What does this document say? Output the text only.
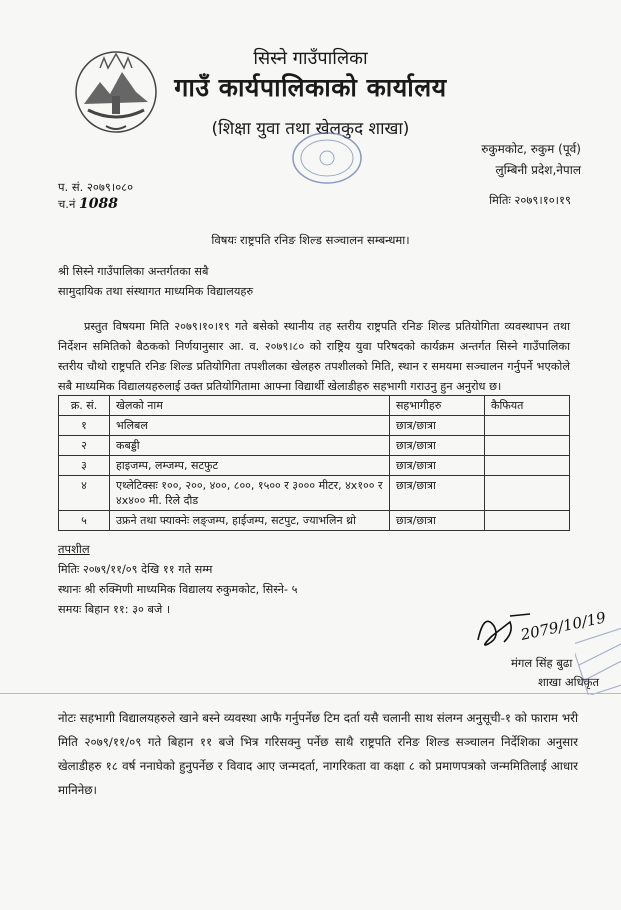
सिस्ने गाउँपालिका
गाउँ कार्यपालिकाको कार्यालय
(शिक्षा युवा तथा खेलकुद शाखा)
रुकुमकोट, रुकुम (पूर्व)
लुम्बिनी प्रदेश,नेपाल
प. सं. २०७९।०८०
च.नं 1088	मितिः २०७९।१०।१९
विषयः राष्ट्रपति रनिङ शिल्ड सञ्चालन सम्बन्धमा।
श्री सिस्ने गाउँपालिका अन्तर्गतका सबै
सामुदायिक तथा संस्थागत माध्यमिक विद्यालयहरु
प्रस्तुत विषयमा मिति २०७९।१०।१९ गते बसेको स्थानीय तह स्तरीय राष्ट्रपति रनिङ शिल्ड प्रतियोगिता व्यवस्थापन तथा निर्देशन समितिको बैठकको निर्णयानुसार आ. व. २०७९।८० को राष्ट्रिय युवा परिषदको कार्यक्रम अन्तर्गत सिस्ने गाउँपालिका स्तरीय चौथो राष्ट्रपति रनिङ शिल्ड प्रतियोगिता तपशीलका खेलहरु तपशीलको मिति, स्थान र समयमा सञ्चालन गर्नुपर्ने भएकोले सबै माध्यमिक विद्यालयहरुलाई उक्त प्रतियोगितामा आफ्ना विद्यार्थी खेलाडीहरु सहभागी गराउनु हुन अनुरोध छ।
क्र. सं.	खेलको नाम	सहभागीहरु	कैफियत
१	भलिबल	छात्र/छात्रा	
२	कबड्डी	छात्र/छात्रा	
३	हाइजम्प, लम्जम्प, सटफुट	छात्र/छात्रा	
४	एथ्लेटिक्सः १००, २००, ४००, ८००, १५०० र ३००० मीटर, ४x१०० र ४x४०० मी. रिले दौड	छात्र/छात्रा	
५	उफ्रने तथा फ्याक्नेः लङ्जम्प, हाईजम्प, सटपुट, ज्याभलिन थ्रो	छात्र/छात्रा	
तपशील
मितिः २०७९/११/०९ देखि ११ गते सम्म
स्थानः श्री रुक्मिणी माध्यमिक विद्यालय रुकुमकोट, सिस्ने- ५
समयः बिहान ११: ३० बजे ।	2079/10/19
मंगल सिंह बुढा
शाखा अधिकृत
नोटः सहभागी विद्यालयहरुले खाने बस्ने व्यवस्था आफै गर्नुपर्नेछ टिम दर्ता यसै चलानी साथ संलग्न अनुसूची-१ को फाराम भरी मिति २०७९/११/०९ गते बिहान ११ बजे भित्र गरिसक्नु पर्नेछ साथै राष्ट्रपति रनिङ शिल्ड सञ्चालन निर्देशिका अनुसार खेलाडीहरु १८ वर्ष ननाघेको हुनुपर्नेछ र विवाद आए जन्मदर्ता, नागरिकता वा कक्षा ८ को प्रमाणपत्रको जन्ममितिलाई आधार मानिनेछ।
